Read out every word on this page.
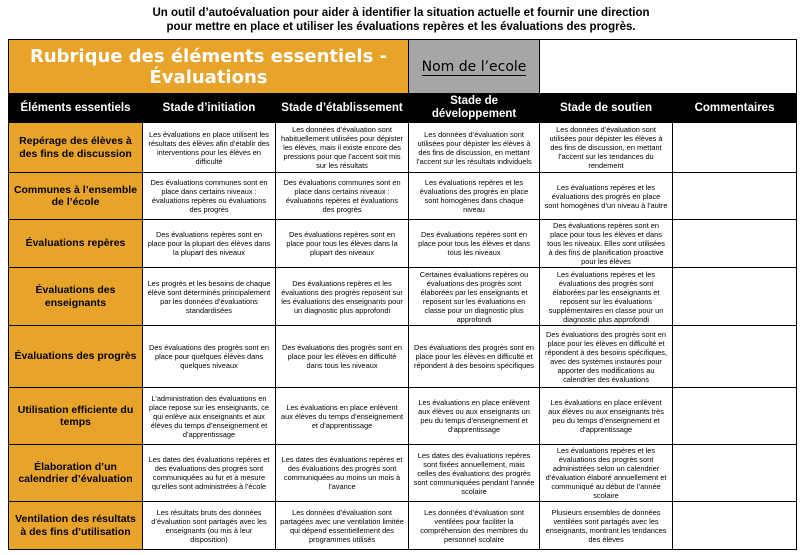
Un outil d’autoévaluation pour aider à identifier la situation actuelle et fournir une direction
pour mettre en place et utiliser les évaluations repères et les évaluations des progrès.
Rubrique des éléments essentiels -
Évaluations			Nom de l’ecole		
Éléments essentiels	Stade d’initiation	Stade d’établissement	Stade de développement	Stade de soutien	Commentaires
Repérage des élèves à des fins de discussion	Les évaluations en place utilisent les résultats des élèves afin d’établir des interventions pour les élèves en difficulté	Les données d’évaluation sont habituellement utilisées pour dépister les élèves, mais il existe encore des pressions pour que l’accent soit mis sur les résultats	Les données d’évaluation sont utilisées pour dépister les élèves à des fins de discussion, en mettant l’accent sur les résultats individuels	Les données d’évaluation sont utilisées pour dépister les élèves à des fins de discussion, en mettant l’accent sur les tendances du rendement	
Communes à l’ensemble de l’école	Des évaluations communes sont en place dans certains niveaux : évaluations repères ou évaluations des progrès	Des évaluations communes sont en place dans certains niveaux : évaluations repères et évaluations des progrès	Les évaluations repères et les évaluations des progrès en place sont homogènes dans chaque niveau	Les évaluations repères et les évaluations des progrès en place sont homogènes d’un niveau à l’autre	
Évaluations repères	Des évaluations repères sont en place pour la plupart des élèves dans la plupart des niveaux	Des évaluations repères sont en place pour tous les élèves dans la plupart des niveaux	Des évaluations repères sont en place pour tous les élèves et dans tous les niveaux	Des évaluations repères sont en place pour tous les élèves et dans tous les niveaux. Elles sont utilisées à des fins de planification proactive pour les élèves	
Évaluations des enseignants	Les progrès et les besoins de chaque élève sont déterminés principalement par les données d’évaluations standardisées	Des évaluations repères et les évaluations des progrès reposent sur les évaluations des enseignants pour un diagnostic plus approfondi	Certaines évaluations repères ou évaluations des progrès sont élaborées par les enseignants et reposent sur les évaluations en classe pour un diagnostic plus approfondi	Les évaluations repères et les évaluations des progrès sont élaborées par les enseignants et reposent sur les évaluations supplémentaires en classe pour un diagnostic plus approfondi	
Évaluations des progrès	Des évaluations des progrès sont en place pour quelques élèves dans quelques niveaux	Des évaluations des progrès sont en place pour les élèves en difficulté dans tous les niveaux	Des évaluations des progrès sont en place pour les élèves en difficulté et répondent à des besoins spécifiques	Des évaluations des progrès sont en place pour les élèves en difficulté et répondent à des besoins spécifiques, avec des systèmes instaurés pour apporter des modifications au calendrier des évaluations	
Utilisation efficiente du temps	L’administration des évaluations en place repose sur les enseignants, ce qui enlève aux enseignants et aux élèves du temps d’enseignement et d’apprentissage	Les évaluations en place enlèvent aux élèves du temps d’enseignement et d’apprentissage	Les évaluations en place enlèvent aux élèves ou aux enseignants un peu du temps d’enseignement et d’apprentissage	Les évaluations en place enlèvent aux élèves ou aux enseignants très peu du temps d’enseignement et d’apprentissage	
Élaboration d’un calendrier d’évaluation	Les dates des évaluations repères et des évaluations des progrès sont communiquées au fur et à mesure qu’elles sont administrées à l’école	Les dates des évaluations repères et des évaluations des progrès sont communiquées au moins un mois à l’avance	Les dates des évaluations repères sont fixées annuellement, mais celles des évaluations des progrès sont communiquées pendant l’année scolaire	Les évaluations repères et les évaluations des progrès sont administrées selon un calendrier d’évaluation élaboré annuellement et communiqué au début de l’année scolaire	
Ventilation des résultats à des fins d’utilisation	Les résultats bruts des données d’évaluation sont partagés avec les enseignants (ou mis à leur disposition)	Les données d’évaluation sont partagées avec une ventilation limitée qui dépend essentiellement des programmes utilisés	Les données d’évaluation sont ventilées pour faciliter la compréhension des membres du personnel scolaire	Plusieurs ensembles de données ventilées sont partagés avec les enseignants, montrant les tendances des élèves	
